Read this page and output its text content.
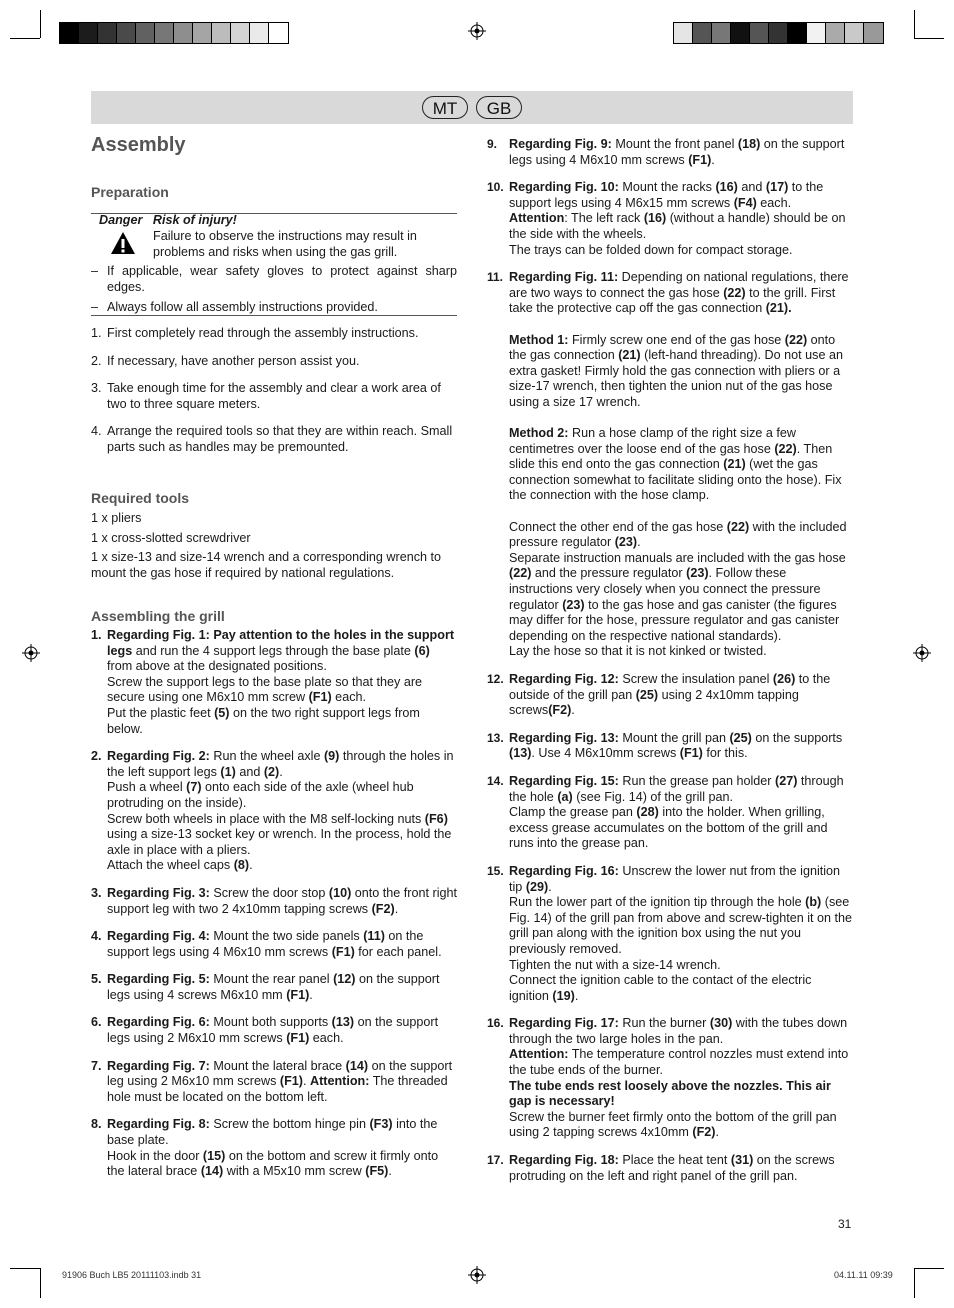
MT	GB
Assembly
Preparation
Danger Risk of injury!
Failure to observe the instructions may result in problems and risks when using the gas grill.
– If applicable, wear safety gloves to protect against sharp edges.
– Always follow all assembly instructions provided.
1. First completely read through the assembly instructions.
2. If necessary, have another person assist you.
3. Take enough time for the assembly and clear a work area of two to three square meters.
4. Arrange the required tools so that they are within reach. Small parts such as handles may be premounted.
Required tools

1 x pliers

1 x cross-slotted screwdriver

1 x size-13 and size-14 wrench and a corresponding wrench to mount the gas hose if required by national regulations.

Assembling the grill
1. Regarding Fig. 1: Pay attention to the holes in the support legs and run the 4 support legs through the base plate (6) from above at the designated positions.
Screw the support legs to the base plate so that they are secure using one M6x10 mm screw (F1) each.
Put the plastic feet (5) on the two right support legs from below.
2. Regarding Fig. 2: Run the wheel axle (9) through the holes in the left support legs (1) and (2).
Push a wheel (7) onto each side of the axle (wheel hub protruding on the inside).
Screw both wheels in place with the M8 self-locking nuts (F6) using a size-13 socket key or wrench. In the process, hold the axle in place with a pliers.
Attach the wheel caps (8).
3. Regarding Fig. 3: Screw the door stop (10) onto the front right support leg with two 2 4x10mm tapping screws (F2).
4. Regarding Fig. 4: Mount the two side panels (11) on the support legs using 4 M6x10 mm screws (F1) for each panel.
5. Regarding Fig. 5: Mount the rear panel (12) on the support legs using 4 screws M6x10 mm (F1).
6. Regarding Fig. 6: Mount both supports (13) on the support legs using 2 M6x10 mm screws (F1) each.
7. Regarding Fig. 7: Mount the lateral brace (14) on the support leg using 2 M6x10 mm screws (F1). Attention: The threaded hole must be located on the bottom left.
8. Regarding Fig. 8: Screw the bottom hinge pin (F3) into the base plate.
Hook in the door (15) on the bottom and screw it firmly onto the lateral brace (14) with a M5x10 mm screw (F5).
9. Regarding Fig. 9: Mount the front panel (18) on the support legs using 4 M6x10 mm screws (F1).
10. Regarding Fig. 10: Mount the racks (16) and (17) to the support legs using 4 M6x15 mm screws (F4) each. Attention: The left rack (16) (without a handle) should be on the side with the wheels.
The trays can be folded down for compact storage.
11. Regarding Fig. 11: Depending on national regulations, there are two ways to connect the gas hose (22) to the grill. First take the protective cap off the gas connection (21).

Method 1: Firmly screw one end of the gas hose (22) onto the gas connection (21) (left-hand threading). Do not use an extra gasket! Firmly hold the gas connection with pliers or a size-17 wrench, then tighten the union nut of the gas hose using a size 17 wrench.

Method 2: Run a hose clamp of the right size a few centimetres over the loose end of the gas hose (22). Then slide this end onto the gas connection (21) (wet the gas connection somewhat to facilitate sliding onto the hose). Fix the connection with the hose clamp.

Connect the other end of the gas hose (22) with the included pressure regulator (23).
Separate instruction manuals are included with the gas hose (22) and the pressure regulator (23). Follow these instructions very closely when you connect the pressure regulator (23) to the gas hose and gas canister (the figures may differ for the hose, pressure regulator and gas canister depending on the respective national standards).
Lay the hose so that it is not kinked or twisted.
12. Regarding Fig. 12: Screw the insulation panel (26) to the outside of the grill pan (25) using 2 4x10mm tapping screws(F2).
13. Regarding Fig. 13: Mount the grill pan (25) on the supports (13). Use 4 M6x10mm screws (F1) for this.
14. Regarding Fig. 15: Run the grease pan holder (27) through the hole (a) (see Fig. 14) of the grill pan.
Clamp the grease pan (28) into the holder. When grilling, excess grease accumulates on the bottom of the grill and runs into the grease pan.
15. Regarding Fig. 16: Unscrew the lower nut from the ignition tip (29).
Run the lower part of the ignition tip through the hole (b) (see Fig. 14) of the grill pan from above and screw-tighten it on the grill pan along with the ignition box using the nut you previously removed.
Tighten the nut with a size-14 wrench.
Connect the ignition cable to the contact of the electric ignition (19).
16. Regarding Fig. 17: Run the burner (30) with the tubes down through the two large holes in the pan.
Attention: The temperature control nozzles must extend into the tube ends of the burner.
The tube ends rest loosely above the nozzles. This air gap is necessary!
Screw the burner feet firmly onto the bottom of the grill pan using 2 tapping screws 4x10mm (F2).
17. Regarding Fig. 18: Place the heat tent (31) on the screws protruding on the left and right panel of the grill pan.
31
91906 Buch LB5 20111103.indb 31	04.11.11 09:39
